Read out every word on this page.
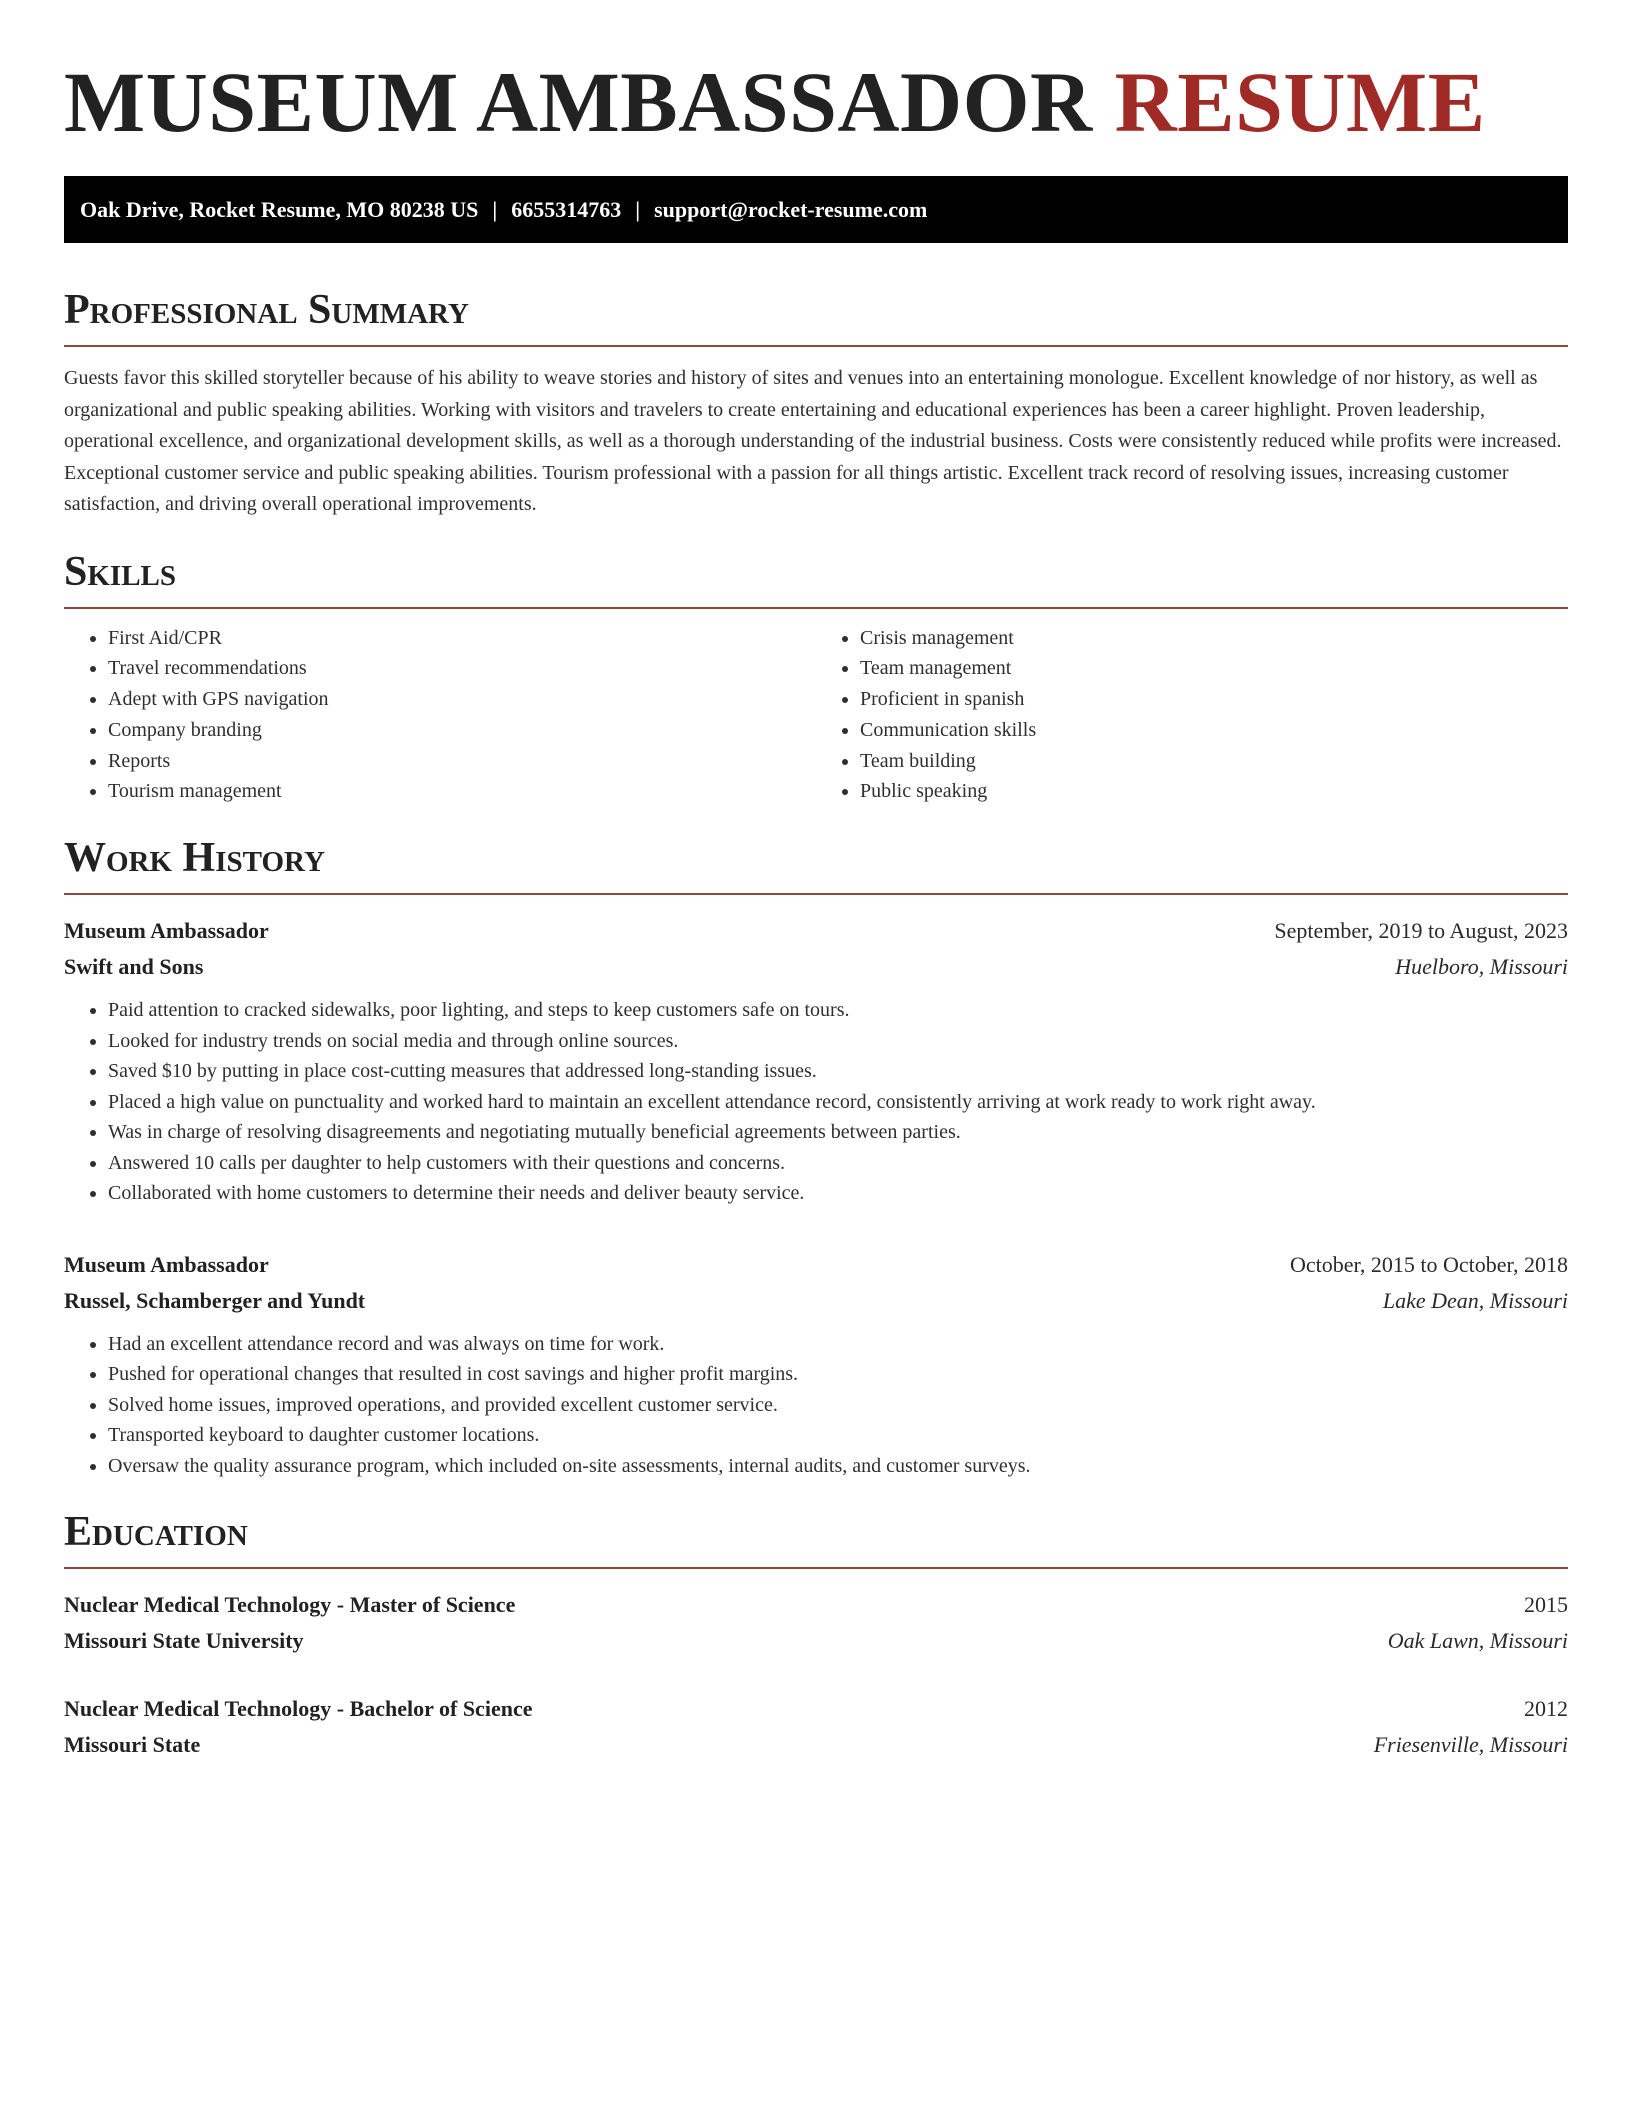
MUSEUM AMBASSADOR RESUME
Oak Drive, Rocket Resume, MO 80238 US | 6655314763 | support@rocket-resume.com
Professional Summary

Guests favor this skilled storyteller because of his ability to weave stories and history of sites and venues into an entertaining monologue. Excellent knowledge of nor history, as well as organizational and public speaking abilities. Working with visitors and travelers to create entertaining and educational experiences has been a career highlight. Proven leadership, operational excellence, and organizational development skills, as well as a thorough understanding of the industrial business. Costs were consistently reduced while profits were increased. Exceptional customer service and public speaking abilities. Tourism professional with a passion for all things artistic. Excellent track record of resolving issues, increasing customer satisfaction, and driving overall operational improvements.

Skills
• First Aid/CPR
• Travel recommendations
• Adept with GPS navigation
• Company branding
• Reports
• Tourism management
• Crisis management
• Team management
• Proficient in spanish
• Communication skills
• Team building
• Public speaking
Work History
Museum Ambassador	September, 2019 to August, 2023
Swift and Sons	Huelboro, Missouri
• Paid attention to cracked sidewalks, poor lighting, and steps to keep customers safe on tours.
• Looked for industry trends on social media and through online sources.
• Saved $10 by putting in place cost-cutting measures that addressed long-standing issues.
• Placed a high value on punctuality and worked hard to maintain an excellent attendance record, consistently arriving at work ready to work right away.
• Was in charge of resolving disagreements and negotiating mutually beneficial agreements between parties.
• Answered 10 calls per daughter to help customers with their questions and concerns.
• Collaborated with home customers to determine their needs and deliver beauty service.
Museum Ambassador	October, 2015 to October, 2018
Russel, Schamberger and Yundt	Lake Dean, Missouri
• Had an excellent attendance record and was always on time for work.
• Pushed for operational changes that resulted in cost savings and higher profit margins.
• Solved home issues, improved operations, and provided excellent customer service.
• Transported keyboard to daughter customer locations.
• Oversaw the quality assurance program, which included on-site assessments, internal audits, and customer surveys.
Education
Nuclear Medical Technology - Master of Science	2015
Missouri State University	Oak Lawn, Missouri
Nuclear Medical Technology - Bachelor of Science	2012
Missouri State	Friesenville, Missouri
